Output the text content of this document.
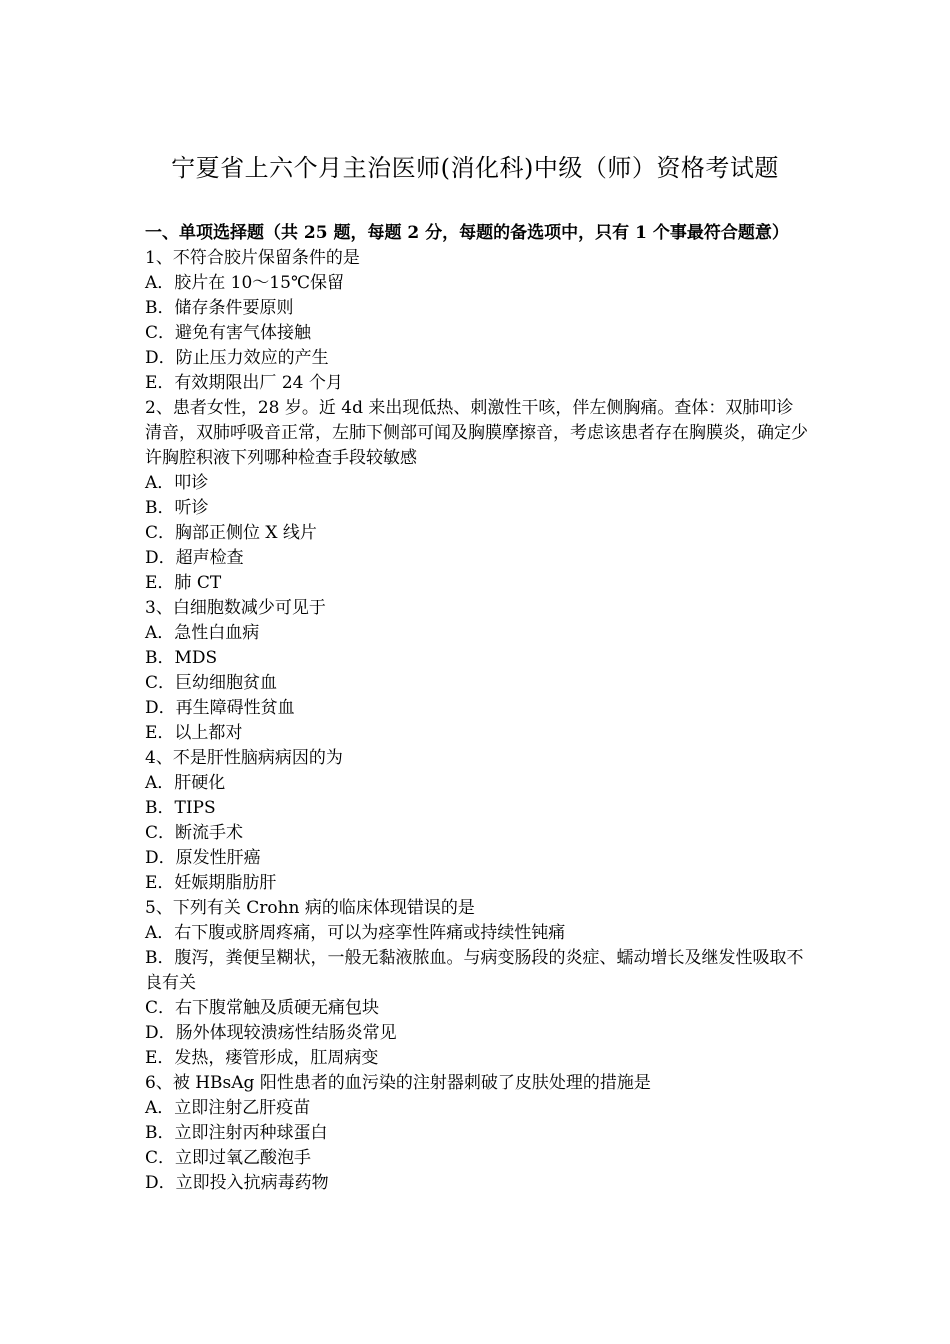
宁夏省上六个月主治医师(消化科)中级（师）资格考试题
一、单项选择题（共 25 题，每题 2 分，每题的备选项中，只有 1 个事最符合题意）
1、不符合胶片保留条件的是
A．胶片在 10～15℃保留
B．储存条件要原则
C．避免有害气体接触
D．防止压力效应的产生
E．有效期限出厂 24 个月
2、患者女性，28 岁。近 4d 来出现低热、刺激性干咳，伴左侧胸痛。查体：双肺叩诊清音，双肺呼吸音正常，左肺下侧部可闻及胸膜摩擦音，考虑该患者存在胸膜炎，确定少许胸腔积液下列哪种检查手段较敏感
A．叩诊
B．听诊
C．胸部正侧位 X 线片
D．超声检查
E．肺 CT
3、白细胞数减少可见于
A．急性白血病
B．MDS
C．巨幼细胞贫血
D．再生障碍性贫血
E．以上都对
4、不是肝性脑病病因的为
A．肝硬化
B．TIPS
C．断流手术
D．原发性肝癌
E．妊娠期脂肪肝
5、下列有关 Crohn 病的临床体现错误的是
A．右下腹或脐周疼痛，可以为痉挛性阵痛或持续性钝痛
B．腹泻，粪便呈糊状，一般无黏液脓血。与病变肠段的炎症、蠕动增长及继发性吸取不良有关
C．右下腹常触及质硬无痛包块
D．肠外体现较溃疡性结肠炎常见
E．发热，瘘管形成，肛周病变
6、被 HBsAg 阳性患者的血污染的注射器刺破了皮肤处理的措施是
A．立即注射乙肝疫苗
B．立即注射丙种球蛋白
C．立即过氧乙酸泡手
D．立即投入抗病毒药物
